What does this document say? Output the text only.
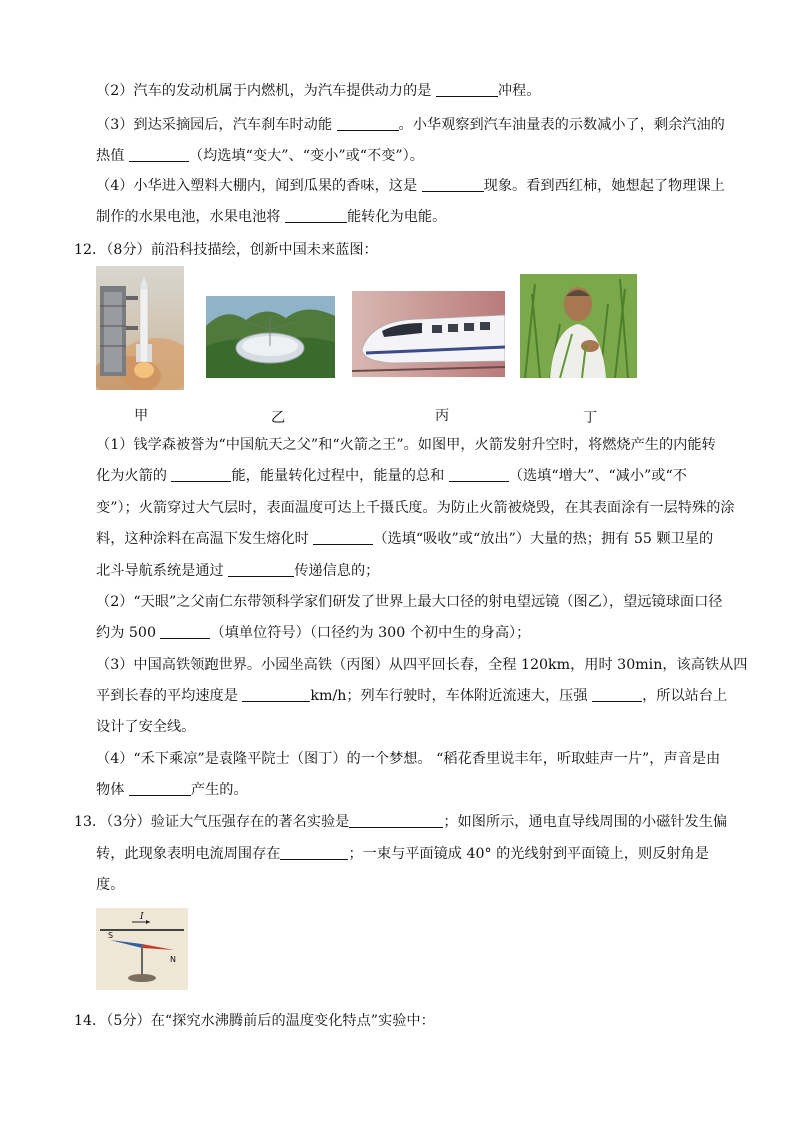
（2）汽车的发动机属于内燃机，为汽车提供动力的是	冲程。
（3）到达采摘园后，汽车刹车时动能	。小华观察到汽车油量表的示数减小了，剩余汽油的
热值	（均选填“变大”、“变小”或“不变”）。
（4）小华进入塑料大棚内，闻到瓜果的香味，这是	现象。看到西红柿，她想起了物理课上
制作的水果电池，水果电池将	能转化为电能。
12．（8分）前沿科技描绘，创新中国未来蓝图：
甲	乙	丙	丁
（1）钱学森被誉为“中国航天之父”和“火箭之王”。如图甲，火箭发射升空时，将燃烧产生的内能转
化为火箭的	能，能量转化过程中，能量的总和	（选填“增大”、“减小”或“不
变”）；火箭穿过大气层时，表面温度可达上千摄氏度。为防止火箭被烧毁，在其表面涂有一层特殊的涂
料，这种涂料在高温下发生熔化时	（选填“吸收”或“放出”）大量的热；拥有 55 颗卫星的
北斗导航系统是通过	传递信息的；
（2）“天眼”之父南仁东带领科学家们研发了世界上最大口径的射电望远镜（图乙），望远镜球面口径
约为 500	（填单位符号）（口径约为 300 个初中生的身高）；
（3）中国高铁领跑世界。小园坐高铁（丙图）从四平回长春，全程 120km，用时 30min，该高铁从四
平到长春的平均速度是	km/h；列车行驶时，车体附近流速大，压强	，所以站台上
设计了安全线。
（4）“禾下乘凉”是袁隆平院士（图丁）的一个梦想。 “稻花香里说丰年，听取蛙声一片”，声音是由
物体	产生的。
13．（3分）验证大气压强存在的著名实验是	；如图所示，通电直导线周围的小磁针发生偏
转，此现象表明电流周围存在	；一束与平面镜成 40° 的光线射到平面镜上，则反射角是
度。
I
S
N
14．（5分）在“探究水沸腾前后的温度变化特点”实验中：
